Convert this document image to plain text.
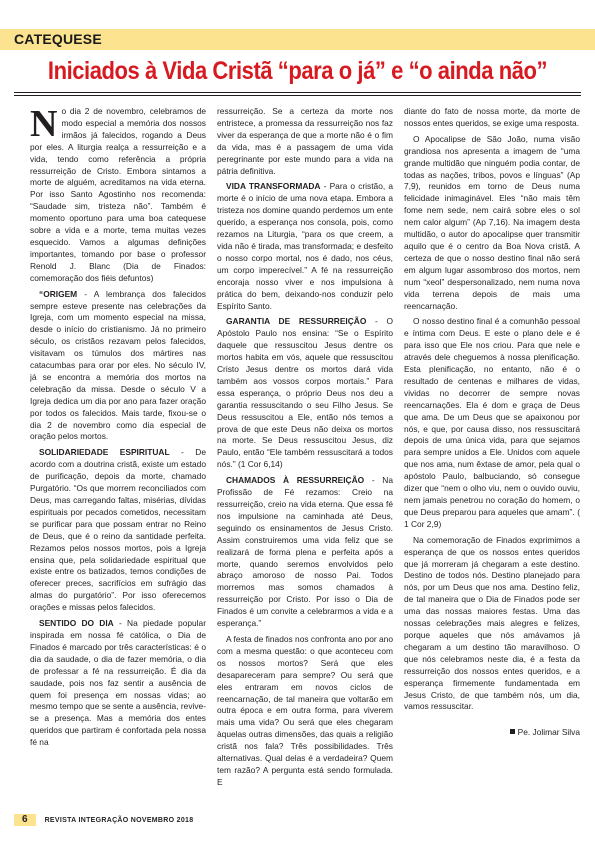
CATEQUESE
Iniciados à Vida Cristã “para o já” e “o ainda não”

No dia 2 de novembro, celebramos de modo especial a memória dos nossos irmãos já falecidos, rogando a Deus por eles. A liturgia realça a ressurreição e a vida, tendo como referência a própria ressurreição de Cristo. Embora sintamos a morte de alguém, acreditamos na vida eterna. Por isso Santo Agostinho nos recomenda: “Saudade sim, tristeza não”. Também é momento oportuno para uma boa catequese sobre a vida e a morte, tema muitas vezes esquecido. Vamos a algumas definições importantes, tomando por base o professor Renold J. Blanc (Dia de Finados: comemoração dos fiéis defuntos)

“ORIGEM - A lembrança dos falecidos sempre esteve presente nas celebrações da Igreja, com um momento especial na missa, desde o início do cristianismo. Já no primeiro século, os cristãos rezavam pelos falecidos, visitavam os túmulos dos mártires nas catacumbas para orar por eles. No século IV, já se encontra a memória dos mortos na celebração da missa. Desde o século V a Igreja dedica um dia por ano para fazer oração por todos os falecidos. Mais tarde, fixou-se o dia 2 de novembro como dia especial de oração pelos mortos.

SOLIDARIEDADE ESPIRITUAL - De acordo com a doutrina cristã, existe um estado de purificação, depois da morte, chamado Purgatório. “Os que morrem reconciliados com Deus, mas carregando faltas, misérias, dívidas espirituais por pecados cometidos, necessitam se purificar para que possam entrar no Reino de Deus, que é o reino da santidade perfeita. Rezamos pelos nossos mortos, pois a Igreja ensina que, pela solidariedade espiritual que existe entre os batizados, temos condições de oferecer preces, sacrifícios em sufrágio das almas do purgatório”. Por isso oferecemos orações e missas pelos falecidos.

SENTIDO DO DIA - Na piedade popular inspirada em nossa fé católica, o Dia de Finados é marcado por três características: é o dia da saudade, o dia de fazer memória, o dia de professar a fé na ressurreição. É dia da saudade, pois nos faz sentir a ausência de quem foi presença em nossas vidas; ao mesmo tempo que se sente a ausência, revive-se a presença. Mas a memória dos entes queridos que partiram é confortada pela nossa fé na

ressurreição. Se a certeza da morte nos entristece, a promessa da ressurreição nos faz viver da esperança de que a morte não é o fim da vida, mas é a passagem de uma vida peregrinante por este mundo para a vida na pátria definitiva.

VIDA TRANSFORMADA - Para o cristão, a morte é o início de uma nova etapa. Embora a tristeza nos domine quando perdemos um ente querido, a esperança nos consola, pois, como rezamos na Liturgia, “para os que creem, a vida não é tirada, mas transformada; e desfeito o nosso corpo mortal, nos é dado, nos céus, um corpo imperecível.” A fé na ressurreição encoraja nosso viver e nos impulsiona à prática do bem, deixando-nos conduzir pelo Espírito Santo.

GARANTIA DE RESSURREIÇÃO - O Apóstolo Paulo nos ensina: “Se o Espírito daquele que ressuscitou Jesus dentre os mortos habita em vós, aquele que ressuscitou Cristo Jesus dentre os mortos dará vida também aos vossos corpos mortais.” Para essa esperança, o próprio Deus nos deu a garantia ressuscitando o seu Filho Jesus. Se Deus ressuscitou a Ele, então nós temos a prova de que este Deus não deixa os mortos na morte. Se Deus ressuscitou Jesus, diz Paulo, então “Ele também ressuscitará a todos nós.” (1 Cor 6,14)

CHAMADOS À RESSURREIÇÃO - Na Profissão de Fé rezamos: Creio na ressurreição, creio na vida eterna. Que essa fé nos impulsione na caminhada até Deus, seguindo os ensinamentos de Jesus Cristo. Assim construiremos uma vida feliz que se realizará de forma plena e perfeita após a morte, quando seremos envolvidos pelo abraço amoroso de nosso Pai. Todos morremos mas somos chamados à ressurreição por Cristo. Por isso o Dia de Finados é um convite a celebrarmos a vida e a esperança.”

A festa de finados nos confronta ano por ano com a mesma questão: o que aconteceu com os nossos mortos? Será que eles desapareceram para sempre? Ou será que eles entraram em novos ciclos de reencarnação, de tal maneira que voltarão em outra época e em outra forma, para viverem mais uma vida? Ou será que eles chegaram àquelas outras dimensões, das quais a religião cristã nos fala? Três possibilidades. Três alternativas. Qual delas é a verdadeira? Quem tem razão? A pergunta está sendo formulada. E

diante do fato de nossa morte, da morte de nossos entes queridos, se exige uma resposta.

O Apocalipse de São João, numa visão grandiosa nos apresenta a imagem de “uma grande multidão que ninguém podia contar, de todas as nações, tribos, povos e línguas” (Ap 7,9), reunidos em torno de Deus numa felicidade inimaginável. Eles “não mais têm fome nem sede, nem cairá sobre eles o sol nem calor algum” (Ap 7,16). Na imagem desta multidão, o autor do apocalipse quer transmitir aquilo que é o centro da Boa Nova cristã. A certeza de que o nosso destino final não será em algum lugar assombroso dos mortos, nem num “xeol” despersonalizado, nem numa nova vida terrena depois de mais uma reencarnação.

O nosso destino final é a comunhão pessoal e íntima com Deus. E este o plano dele e é para isso que Ele nos criou. Para que nele e através dele cheguemos à nossa plenificação. Esta plenificação, no entanto, não é o resultado de centenas e milhares de vidas, vividas no decorrer de sempre novas reencarnações. Ela é dom e graça de Deus que ama. De um Deus que se apaixonou por nós, e que, por causa disso, nos ressuscitará depois de uma única vida, para que sejamos para sempre unidos a Ele. Unidos com aquele que nos ama, num êxtase de amor, pela qual o apóstolo Paulo, balbuciando, só consegue dizer que “nem o olho viu, nem o ouvido ouviu, nem jamais penetrou no coração do homem, o que Deus preparou para aqueles que amam”. ( 1 Cor 2,9)

Na comemoração de Finados exprimimos a esperança de que os nossos entes queridos que já morreram já chegaram a este destino. Destino de todos nós. Destino planejado para nós, por um Deus que nos ama. Destino feliz, de tal maneira que o Dia de Finados pode ser uma das nossas maiores festas. Uma das nossas celebrações mais alegres e felizes, porque aqueles que nós amávamos já chegaram a um destino tão maravilhoso. O que nós celebramos neste dia, é a festa da ressurreição dos nossos entes queridos, e a esperança firmemente fundamentada em Jesus Cristo, de que também nós, um dia, vamos ressuscitar.

Pe. Jolimar Silva
6	REVISTA INTEGRAÇÃO NOVEMBRO 2018
